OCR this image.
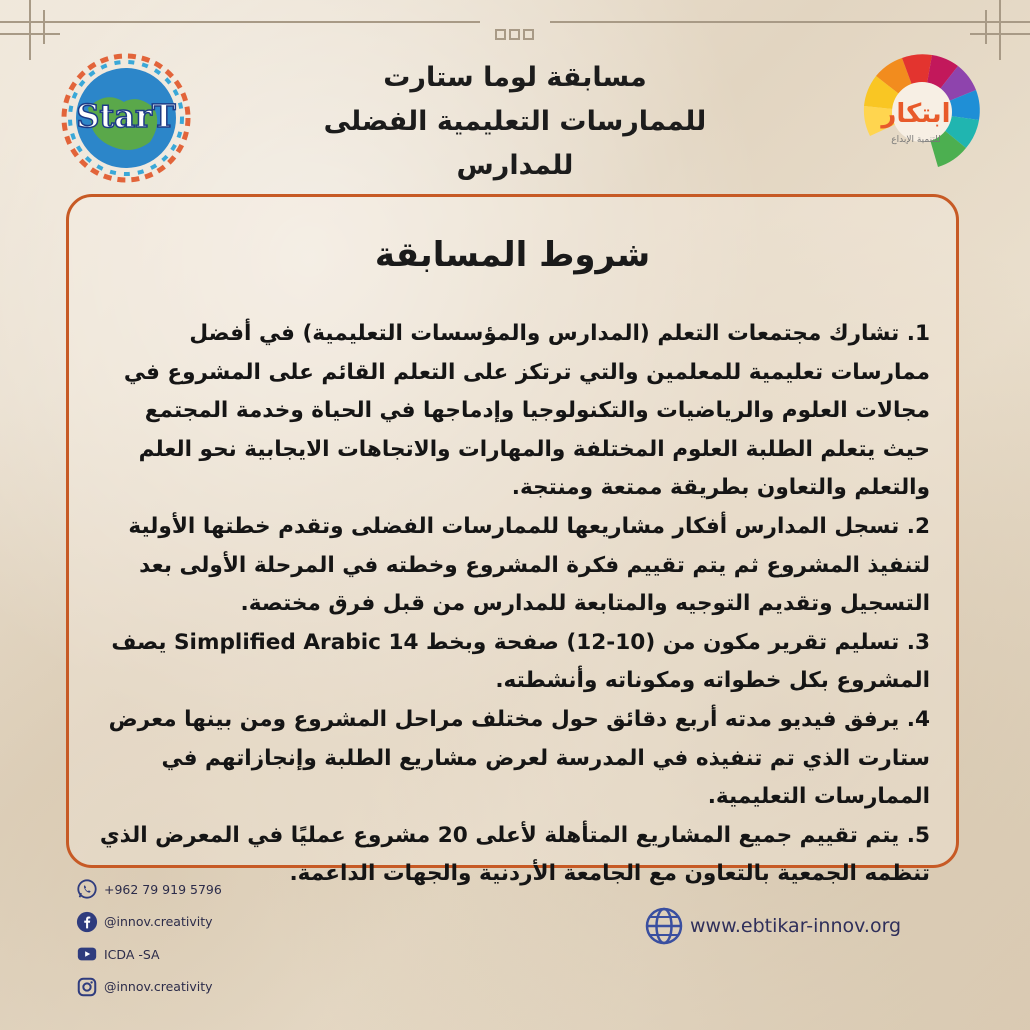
StarT	ابتكار
للتنمية الإبداع
مسابقة لوما ستارت
للممارسات التعليمية الفضلى
للمدارس
شروط المسابقة

1. تشارك مجتمعات التعلم (المدارس والمؤسسات التعليمية) في أفضل ممارسات تعليمية للمعلمين والتي ترتكز على التعلم القائم على المشروع في مجالات العلوم والرياضيات والتكنولوجيا وإدماجها في الحياة وخدمة المجتمع حيث يتعلم الطلبة العلوم المختلفة والمهارات والاتجاهات الايجابية نحو العلم والتعلم والتعاون بطريقة ممتعة ومنتجة.

2. تسجل المدارس أفكار مشاريعها للممارسات الفضلى وتقدم خطتها الأولية لتنفيذ المشروع ثم يتم تقييم فكرة المشروع وخطته في المرحلة الأولى بعد التسجيل وتقديم التوجيه والمتابعة للمدارس من قبل فرق مختصة.

3. تسليم تقرير مكون من (10-12) صفحة وبخط Simplified Arabic 14 يصف المشروع بكل خطواته ومكوناته وأنشطته.

4. يرفق فيديو مدته أربع دقائق حول مختلف مراحل المشروع ومن بينها معرض ستارت الذي تم تنفيذه في المدرسة لعرض مشاريع الطلبة وإنجازاتهم في الممارسات التعليمية.

5. يتم تقييم جميع المشاريع المتأهلة لأعلى 20 مشروع عمليًا في المعرض الذي تنظمه الجمعية بالتعاون مع الجامعة الأردنية والجهات الداعمة.

+962 79 919 5796
@innov.creativity
ICDA -SA
@innov.creativity
www.ebtikar-innov.org
